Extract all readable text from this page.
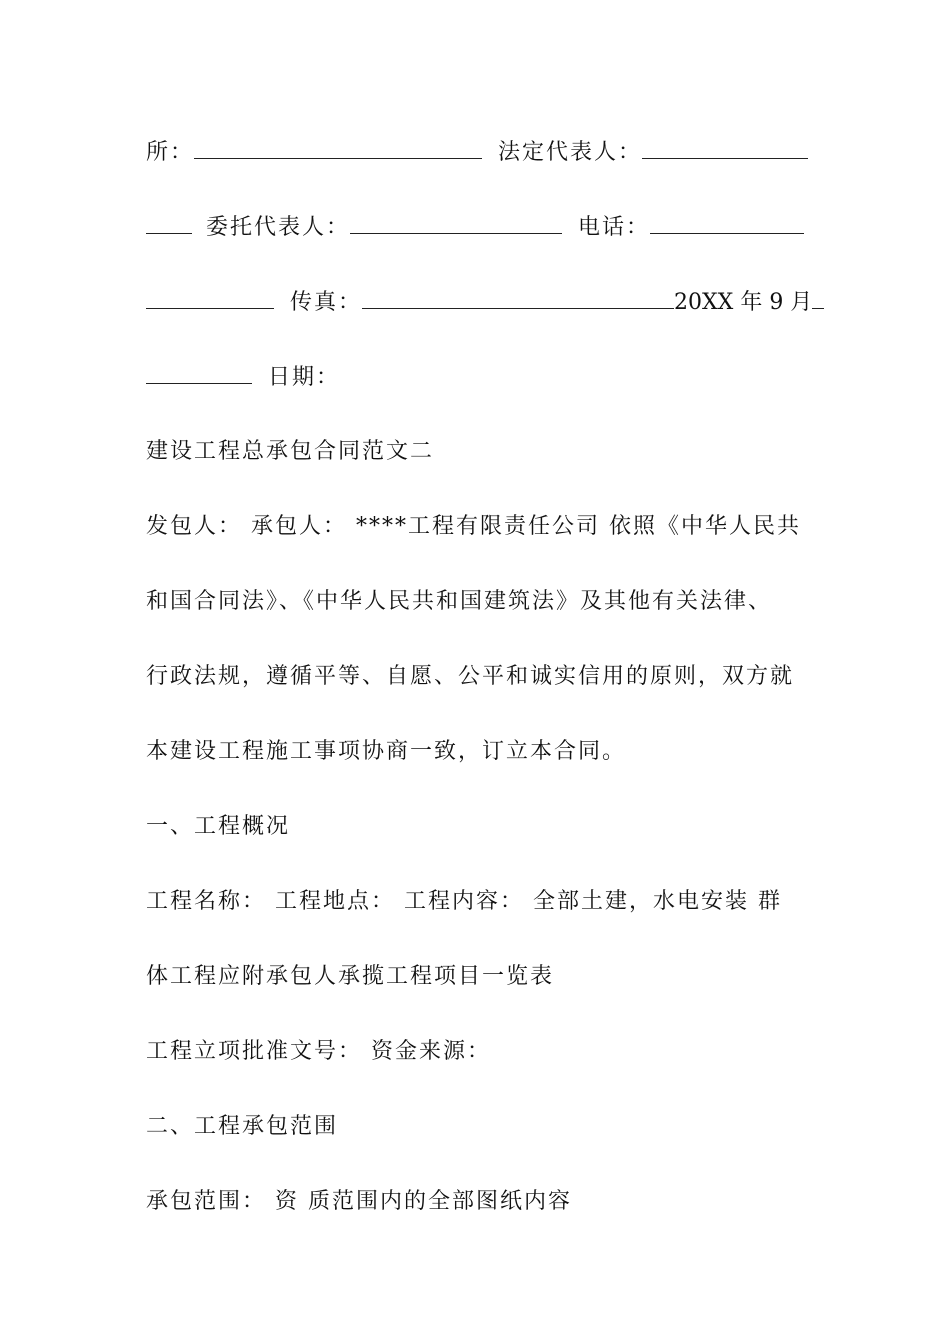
所：	法定代表人：
委托代表人：	电话：
传真：	20XX 年 9 月
日期：
建设工程总承包合同范文二
发包人： 承包人： ****工程有限责任公司 依照《中华人民共
和国合同法》、《中华人民共和国建筑法》及其他有关法律、
行政法规，遵循平等、自愿、公平和诚实信用的原则，双方就
本建设工程施工事项协商一致，订立本合同。
一、工程概况
工程名称： 工程地点： 工程内容： 全部土建，水电安装 群
体工程应附承包人承揽工程项目一览表
工程立项批准文号： 资金来源：
二、工程承包范围
承包范围： 资 质范围内的全部图纸内容
